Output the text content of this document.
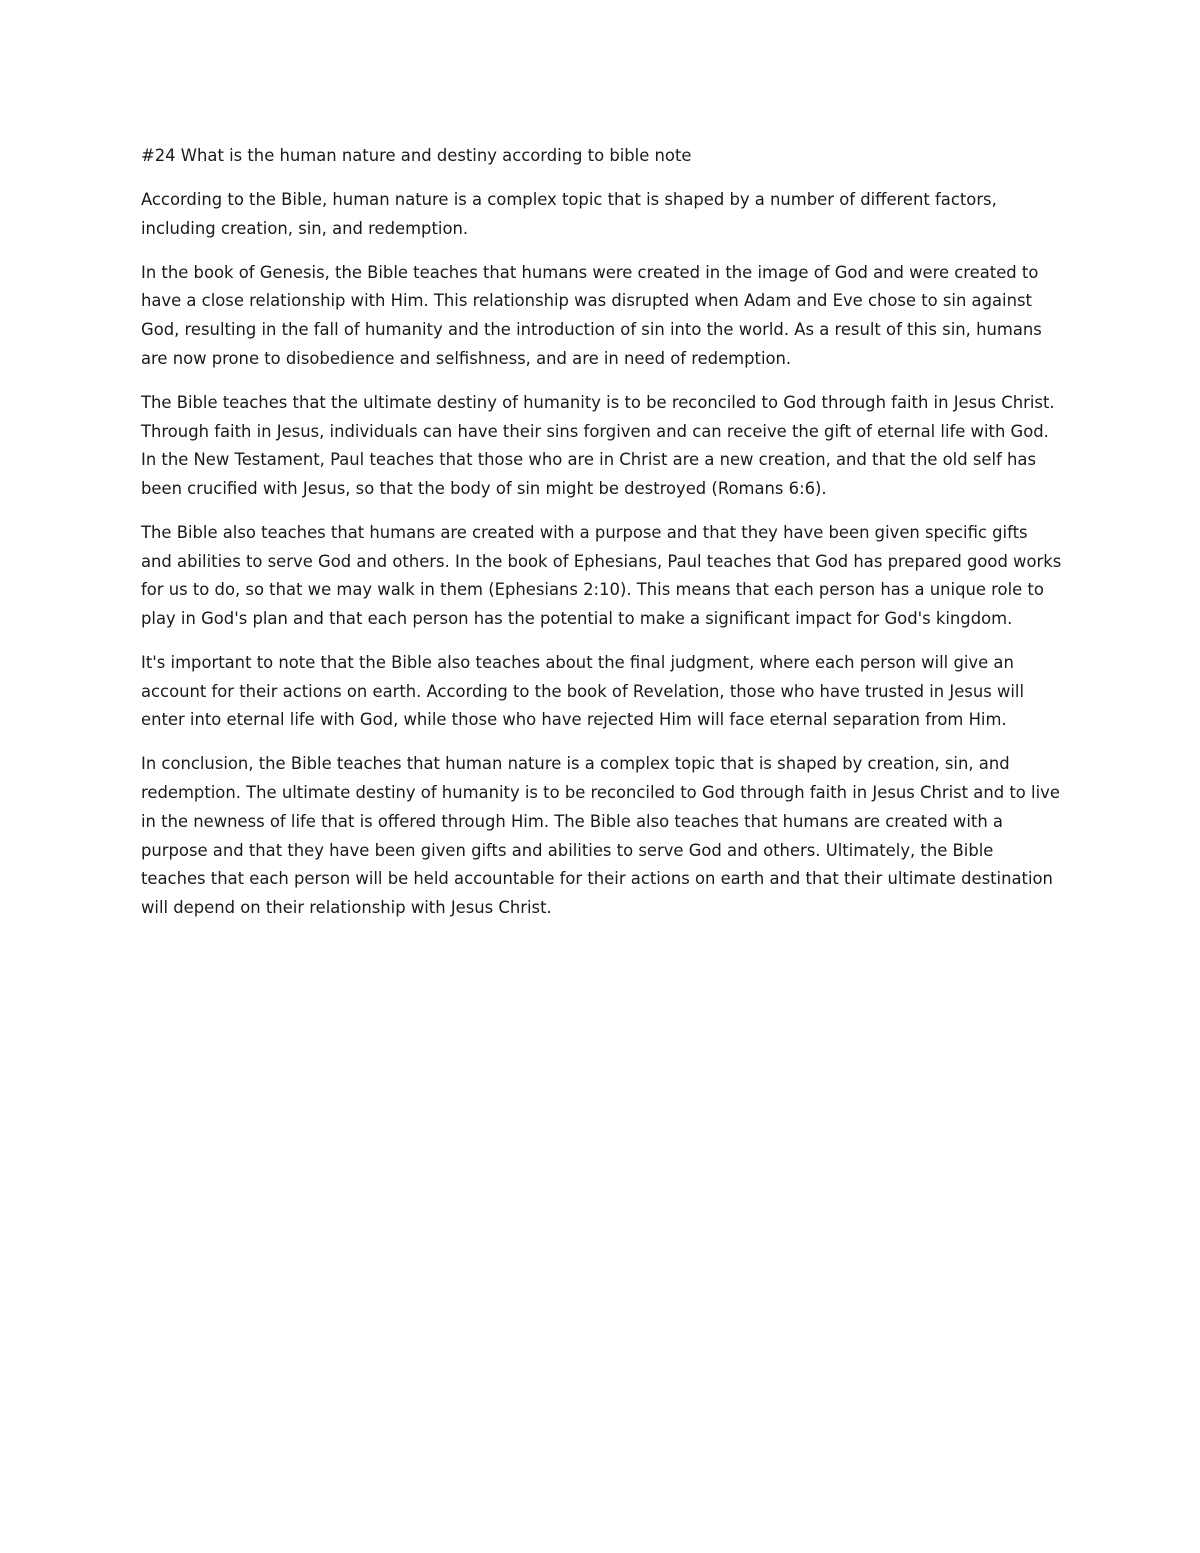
#24 What is the human nature and destiny according to bible note

According to the Bible, human nature is a complex topic that is shaped by a number of different factors, including creation, sin, and redemption.

In the book of Genesis, the Bible teaches that humans were created in the image of God and were created to have a close relationship with Him. This relationship was disrupted when Adam and Eve chose to sin against God, resulting in the fall of humanity and the introduction of sin into the world. As a result of this sin, humans are now prone to disobedience and selfishness, and are in need of redemption.

The Bible teaches that the ultimate destiny of humanity is to be reconciled to God through faith in Jesus Christ. Through faith in Jesus, individuals can have their sins forgiven and can receive the gift of eternal life with God. In the New Testament, Paul teaches that those who are in Christ are a new creation, and that the old self has been crucified with Jesus, so that the body of sin might be destroyed (Romans 6:6).

The Bible also teaches that humans are created with a purpose and that they have been given specific gifts and abilities to serve God and others. In the book of Ephesians, Paul teaches that God has prepared good works for us to do, so that we may walk in them (Ephesians 2:10). This means that each person has a unique role to play in God's plan and that each person has the potential to make a significant impact for God's kingdom.

It's important to note that the Bible also teaches about the final judgment, where each person will give an account for their actions on earth. According to the book of Revelation, those who have trusted in Jesus will enter into eternal life with God, while those who have rejected Him will face eternal separation from Him.

In conclusion, the Bible teaches that human nature is a complex topic that is shaped by creation, sin, and redemption. The ultimate destiny of humanity is to be reconciled to God through faith in Jesus Christ and to live in the newness of life that is offered through Him. The Bible also teaches that humans are created with a purpose and that they have been given gifts and abilities to serve God and others. Ultimately, the Bible teaches that each person will be held accountable for their actions on earth and that their ultimate destination will depend on their relationship with Jesus Christ.
